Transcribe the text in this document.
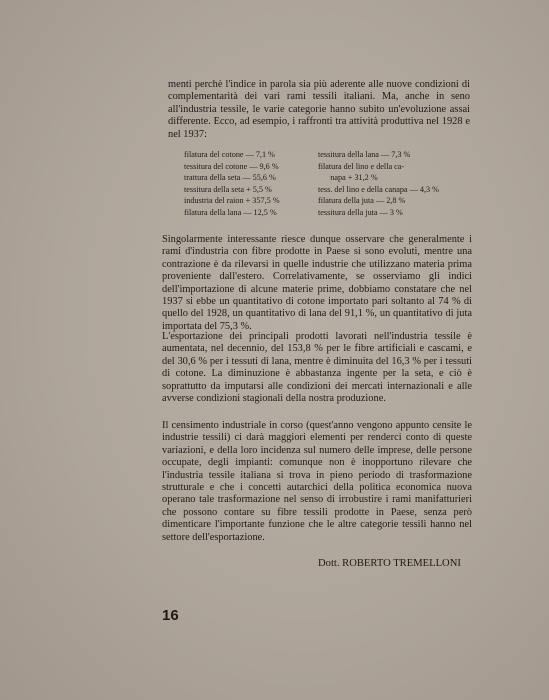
menti perchè l'indice in parola sia più aderente alle nuove condizioni di complementarità dei vari rami tessili italiani. Ma, anche in seno all'industria tessile, le varie categorie hanno subito un'evoluzione assai differente. Ecco, ad esempio, i raffronti tra attività produttiva nel 1928 e nel 1937:

filatura del cotone — 7,1 %

tessitura del cotone — 9,6 %

trattura della seta — 55,6 %

tessitura della seta + 5,5 %

industria del raion + 357,5 %

filatura della lana — 12,5 %

tessitura della lana — 7,3 %

filatura del lino e della ca-

napa + 31,2 %

tess. del lino e della canapa — 4,3 %

filatura della juta — 2,8 %

tessitura della juta — 3 %

Singolarmente interessante riesce dunque osservare che generalmente i rami d'industria con fibre prodotte in Paese si sono evoluti, mentre una contrazione è da rilevarsi in quelle industrie che utilizzano materia prima proveniente dall'estero. Correlativamente, se osserviamo gli indici dell'importazione di alcune materie prime, dobbiamo constatare che nel 1937 si ebbe un quantitativo di cotone importato pari soltanto al 74 % di quello del 1928, un quantitativo di lana del 91,1 %, un quantitativo di juta importata del 75,3 %.

L'esportazione dei principali prodotti lavorati nell'industria tessile è aumentata, nel decennio, del 153,8 % per le fibre artificiali e cascami, e del 30,6 % per i tessuti di lana, mentre è diminuita del 16,3 % per i tessuti di cotone. La diminuzione è abbastanza ingente per la seta, e ciò è soprattutto da imputarsi alle condizioni dei mercati internazionali e alle avverse condizioni stagionali della nostra produzione.

Il censimento industriale in corso (quest'anno vengono appunto censite le industrie tessili) ci darà maggiori elementi per renderci conto di queste variazioni, e della loro incidenza sul numero delle imprese, delle persone occupate, degli impianti: comunque non è inopportuno rilevare che l'industria tessile italiana si trova in pieno periodo di trasformazione strutturale e che i concetti autarchici della politica economica nuova operano tale trasformazione nel senso di irrobustire i rami manifatturieri che possono contare su fibre tessili prodotte in Paese, senza però dimenticare l'importante funzione che le altre categorie tessili hanno nel settore dell'esportazione.

Dott. ROBERTO TREMELLONI
16
